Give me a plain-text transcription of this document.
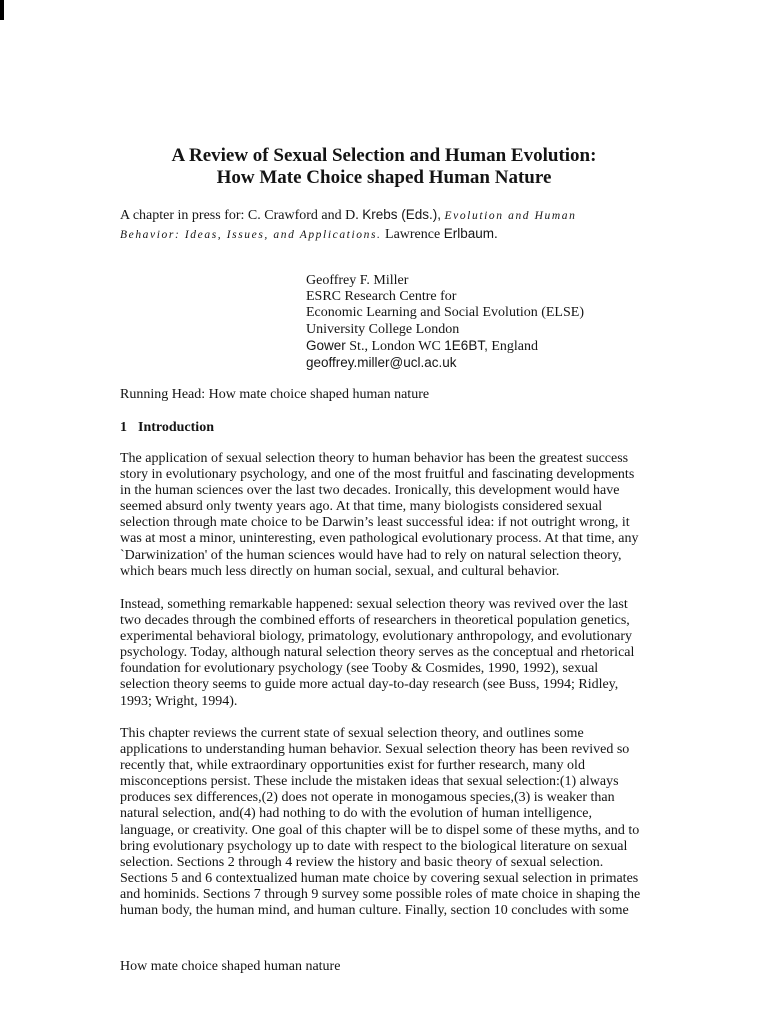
A Review of Sexual Selection and Human Evolution:
How Mate Choice shaped Human Nature
A chapter in press for: C. Crawford and D. Krebs (Eds.), Evolution and Human
Behavior: Ideas, Issues, and Applications. Lawrence Erlbaum.
Geoffrey F. Miller
ESRC Research Centre for
Economic Learning and Social Evolution (ELSE)
University College London
Gower St., London WC 1E6BT, England
geoffrey.miller@ucl.ac.uk
Running Head: How mate choice shaped human nature
1 Introduction
The application of sexual selection theory to human behavior has been the greatest success
story in evolutionary psychology, and one of the most fruitful and fascinating developments
in the human sciences over the last two decades. Ironically, this development would have
seemed absurd only twenty years ago. At that time, many biologists considered sexual
selection through mate choice to be Darwin’s least successful idea: if not outright wrong, it
was at most a minor, uninteresting, even pathological evolutionary process. At that time, any
`Darwinization' of the human sciences would have had to rely on natural selection theory,
which bears much less directly on human social, sexual, and cultural behavior.
Instead, something remarkable happened: sexual selection theory was revived over the last
two decades through the combined efforts of researchers in theoretical population genetics,
experimental behavioral biology, primatology, evolutionary anthropology, and evolutionary
psychology. Today, although natural selection theory serves as the conceptual and rhetorical
foundation for evolutionary psychology (see Tooby & Cosmides, 1990, 1992), sexual
selection theory seems to guide more actual day-to-day research (see Buss, 1994; Ridley,
1993; Wright, 1994).
This chapter reviews the current state of sexual selection theory, and outlines some
applications to understanding human behavior. Sexual selection theory has been revived so
recently that, while extraordinary opportunities exist for further research, many old
misconceptions persist. These include the mistaken ideas that sexual selection:(1) always
produces sex differences,(2) does not operate in monogamous species,(3) is weaker than
natural selection, and(4) had nothing to do with the evolution of human intelligence,
language, or creativity. One goal of this chapter will be to dispel some of these myths, and to
bring evolutionary psychology up to date with respect to the biological literature on sexual
selection. Sections 2 through 4 review the history and basic theory of sexual selection.
Sections 5 and 6 contextualized human mate choice by covering sexual selection in primates
and hominids. Sections 7 through 9 survey some possible roles of mate choice in shaping the
human body, the human mind, and human culture. Finally, section 10 concludes with some
How mate choice shaped human nature
